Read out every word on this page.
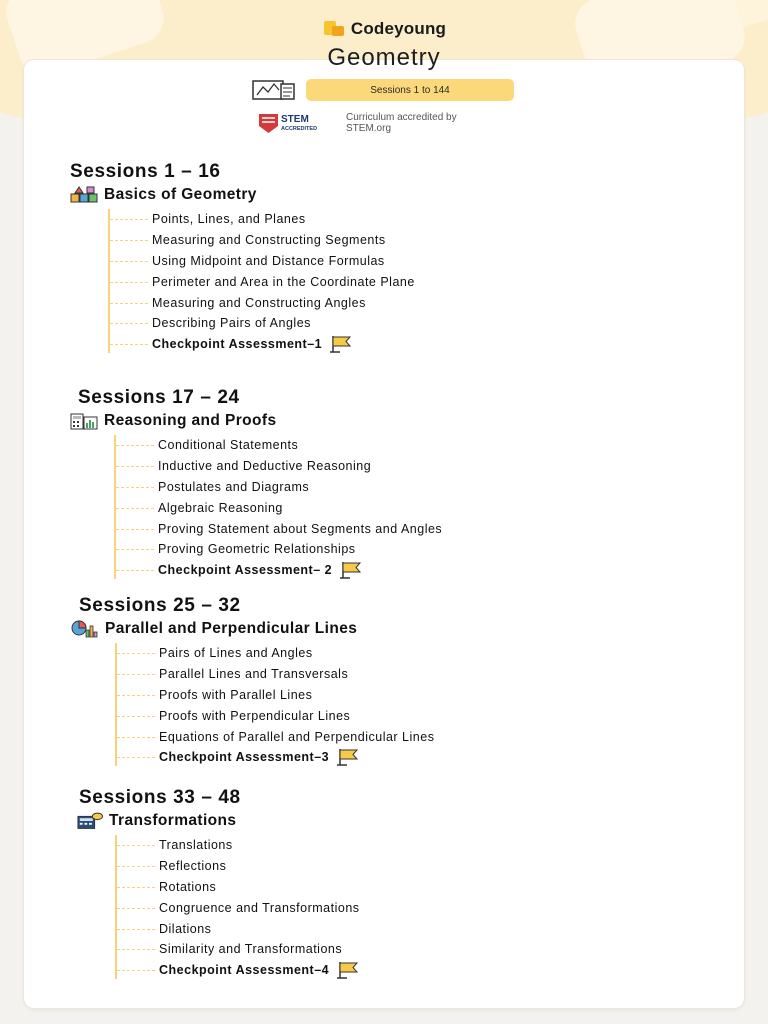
Codeyoung
Geometry
Sessions 1 to 144
STEM
ACCREDITED
Curriculum accredited by
STEM.org
Sessions 1 – 16
Basics of Geometry
Points, Lines, and Planes
Measuring and Constructing Segments
Using Midpoint and Distance Formulas
Perimeter and Area in the Coordinate Plane
Measuring and Constructing Angles
Describing Pairs of Angles
Checkpoint Assessment–1
Sessions 17 – 24
Reasoning and Proofs
Conditional Statements
Inductive and Deductive Reasoning
Postulates and Diagrams
Algebraic Reasoning
Proving Statement about Segments and Angles
Proving Geometric Relationships
Checkpoint Assessment– 2
Sessions 25 – 32
Parallel and Perpendicular Lines
Pairs of Lines and Angles
Parallel Lines and Transversals
Proofs with Parallel Lines
Proofs with Perpendicular Lines
Equations of Parallel and Perpendicular Lines
Checkpoint Assessment–3
Sessions 33 – 48
Transformations
Translations
Reflections
Rotations
Congruence and Transformations
Dilations
Similarity and Transformations
Checkpoint Assessment–4
